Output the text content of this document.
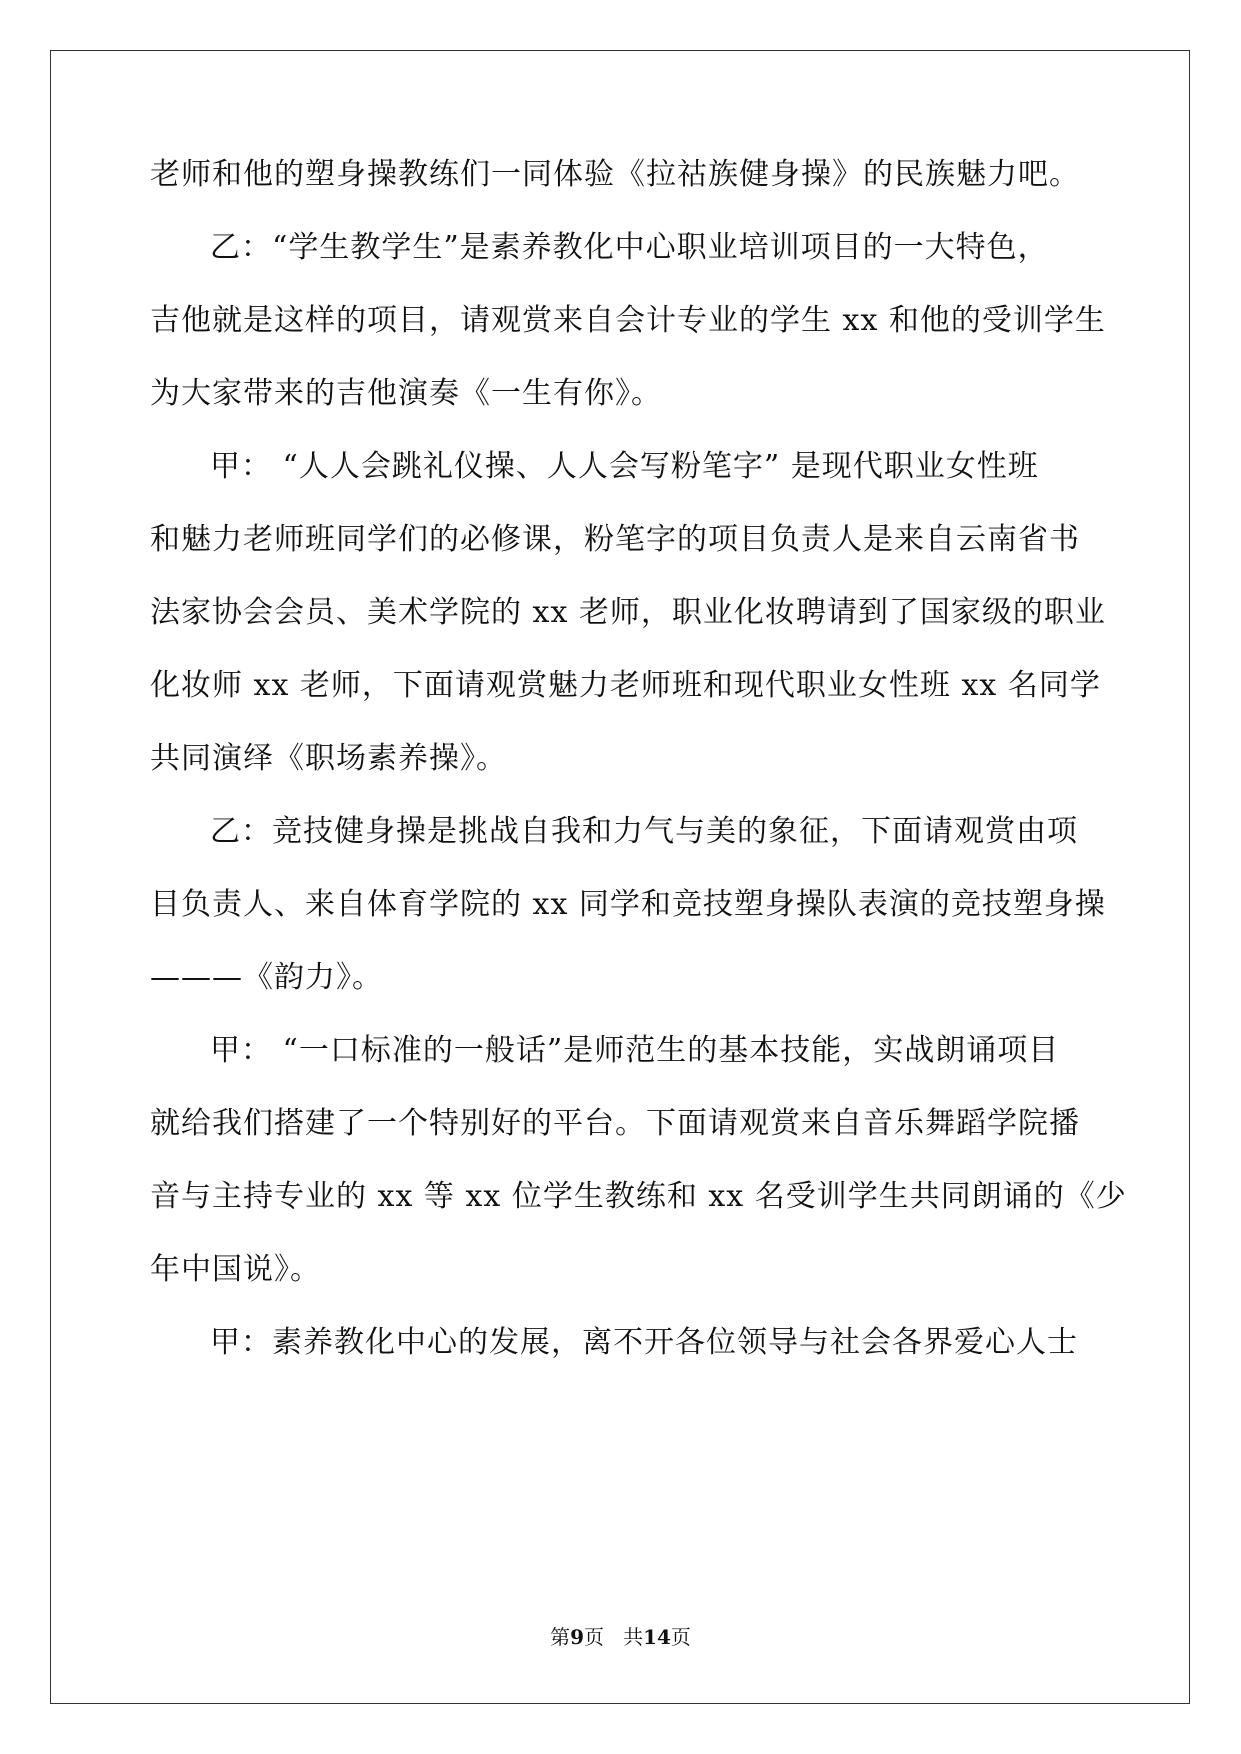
老师和他的塑身操教练们一同体验《拉祜族健身操》的民族魅力吧。
乙：“学生教学生”是素养教化中心职业培训项目的一大特色，
吉他就是这样的项目，请观赏来自会计专业的学生 xx 和他的受训学生
为大家带来的吉他演奏《一生有你》。
甲： “人人会跳礼仪操、人人会写粉笔字” 是现代职业女性班
和魅力老师班同学们的必修课，粉笔字的项目负责人是来自云南省书
法家协会会员、美术学院的 xx 老师，职业化妆聘请到了国家级的职业
化妆师 xx 老师，下面请观赏魅力老师班和现代职业女性班 xx 名同学
共同演绎《职场素养操》。
乙：竞技健身操是挑战自我和力气与美的象征，下面请观赏由项
目负责人、来自体育学院的 xx 同学和竞技塑身操队表演的竞技塑身操
———《韵力》。
甲： “一口标准的一般话”是师范生的基本技能，实战朗诵项目
就给我们搭建了一个特别好的平台。下面请观赏来自音乐舞蹈学院播
音与主持专业的 xx 等 xx 位学生教练和 xx 名受训学生共同朗诵的《少
年中国说》。
甲：素养教化中心的发展，离不开各位领导与社会各界爱心人士
第9页   共14页
